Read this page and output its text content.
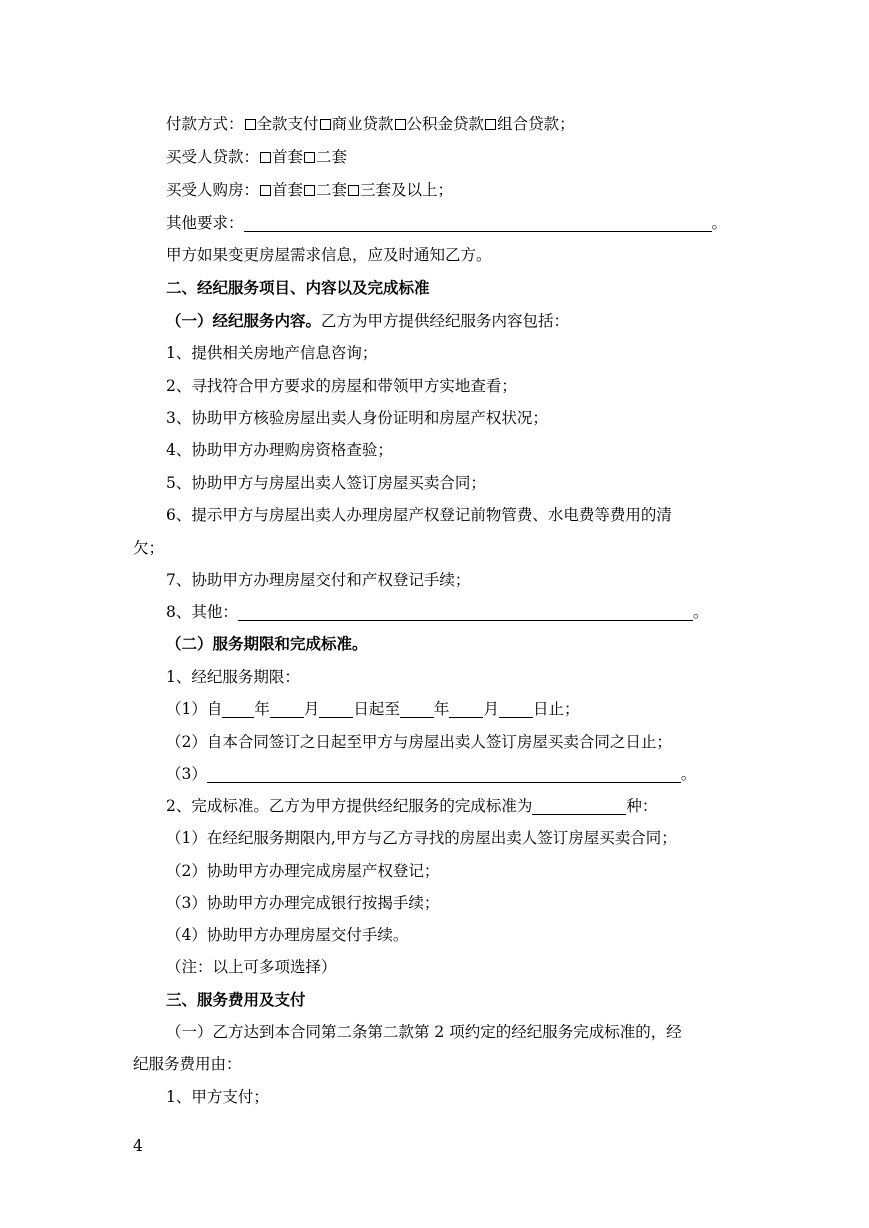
付款方式： 全款支付 商业贷款 公积金贷款 组合贷款；
买受人贷款： 首套 二套
买受人购房： 首套 二套 三套及以上；
其他要求：	。
甲方如果变更房屋需求信息，应及时通知乙方。
二、经纪服务项目、内容以及完成标准
（一）经纪服务内容。乙方为甲方提供经纪服务内容包括：
1、提供相关房地产信息咨询；
2、寻找符合甲方要求的房屋和带领甲方实地查看；
3、协助甲方核验房屋出卖人身份证明和房屋产权状况；
4、协助甲方办理购房资格查验；
5、协助甲方与房屋出卖人签订房屋买卖合同；
6、提示甲方与房屋出卖人办理房屋产权登记前物管费、水电费等费用的清
欠；
7、协助甲方办理房屋交付和产权登记手续；
8、其他：	。
（二）服务期限和完成标准。
1、经纪服务期限：
（1）自 年 月 日起至 年 月 日止；
（2）自本合同签订之日起至甲方与房屋出卖人签订房屋买卖合同之日止；
（3）	。
2、完成标准。乙方为甲方提供经纪服务的完成标准为	种：
（1）在经纪服务期限内,甲方与乙方寻找的房屋出卖人签订房屋买卖合同；
（2）协助甲方办理完成房屋产权登记；
（3）协助甲方办理完成银行按揭手续；
（4）协助甲方办理房屋交付手续。
（注：以上可多项选择）
三、服务费用及支付
（一）乙方达到本合同第二条第二款第 2 项约定的经纪服务完成标准的，经
纪服务费用由：
1、甲方支付；
4
